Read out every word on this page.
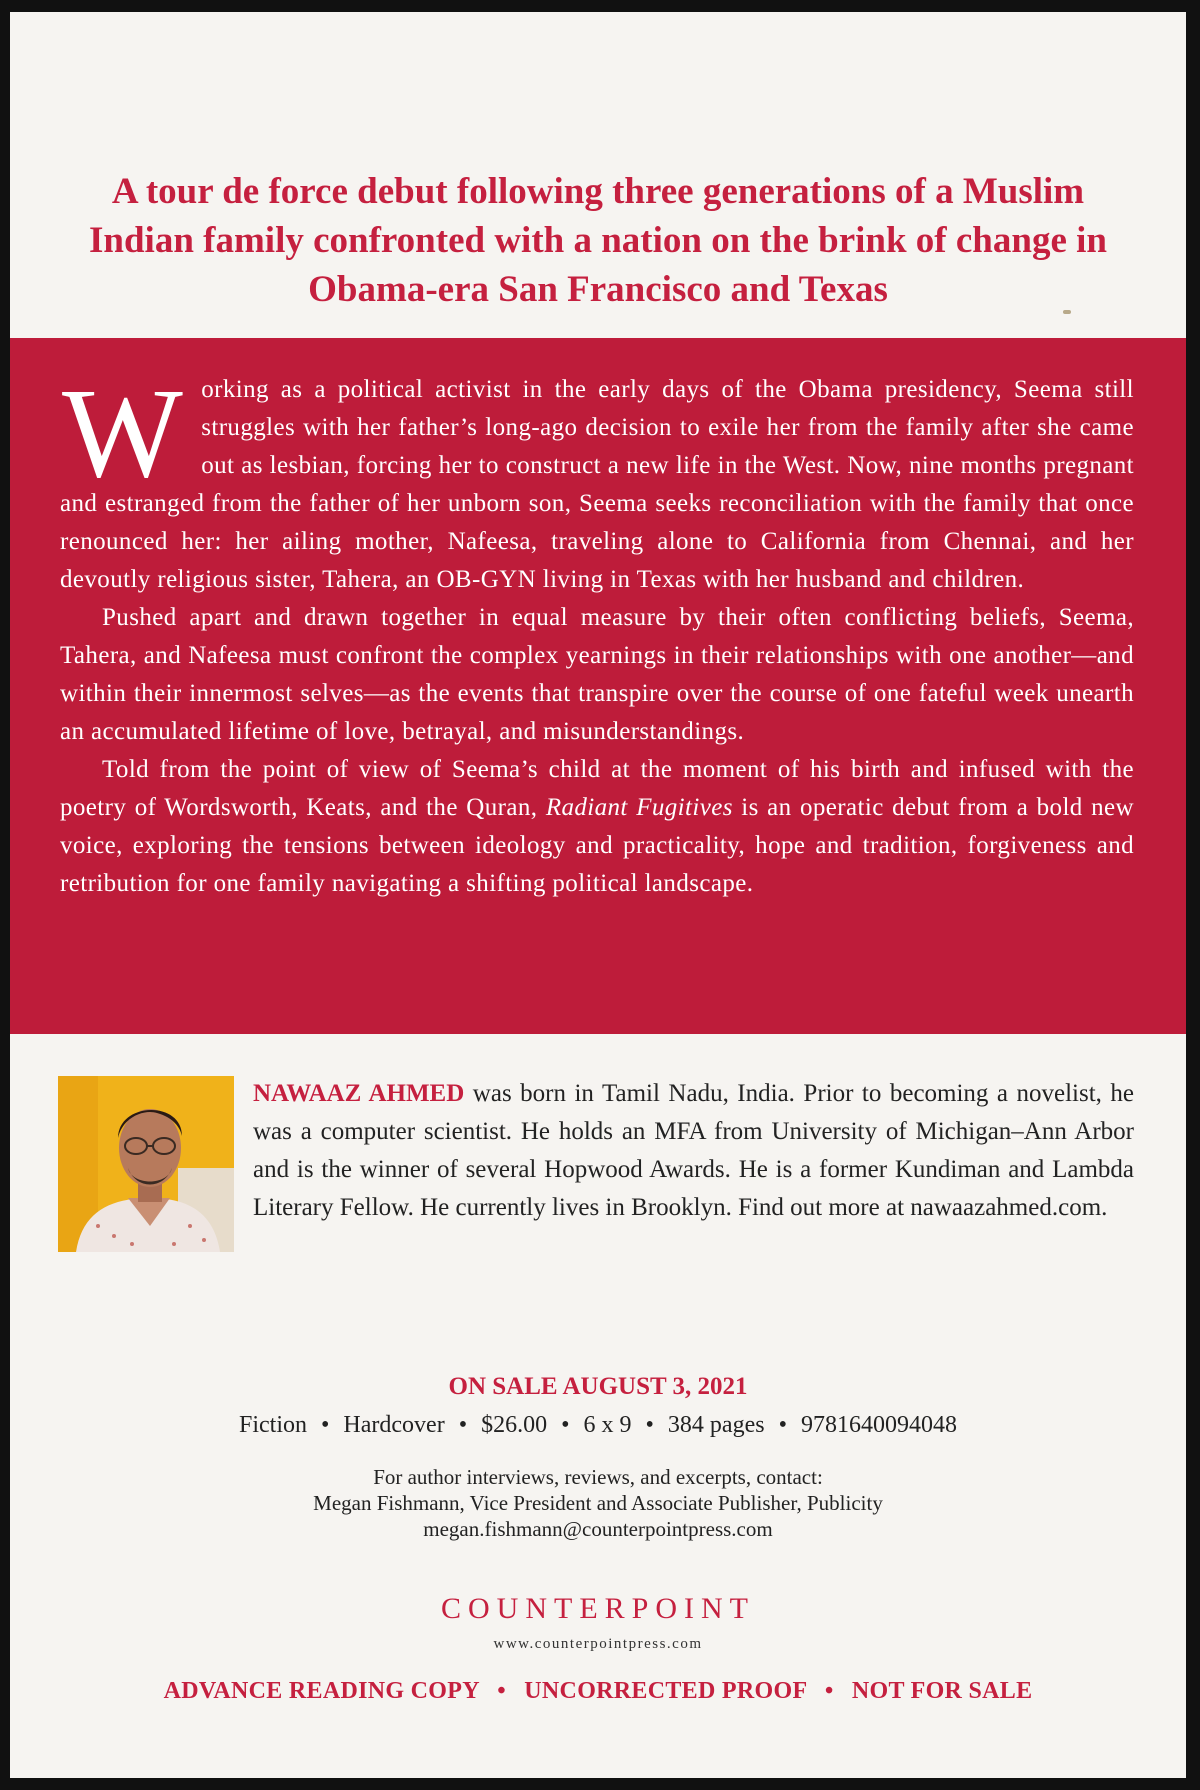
A tour de force debut following three generations of a Muslim Indian family confronted with a nation on the brink of change in Obama-era San Francisco and Texas

Working as a political activist in the early days of the Obama presidency, Seema still struggles with her father’s long-ago decision to exile her from the family after she came out as lesbian, forcing her to construct a new life in the West. Now, nine months pregnant and estranged from the father of her unborn son, Seema seeks reconciliation with the family that once renounced her: her ailing mother, Nafeesa, traveling alone to California from Chennai, and her devoutly religious sister, Tahera, an OB-GYN living in Texas with her husband and children.

Pushed apart and drawn together in equal measure by their often conflicting beliefs, Seema, Tahera, and Nafeesa must confront the complex yearnings in their relationships with one another—and within their innermost selves—as the events that transpire over the course of one fateful week unearth an accumulated lifetime of love, betrayal, and misunderstandings.

Told from the point of view of Seema’s child at the moment of his birth and infused with the poetry of Wordsworth, Keats, and the Quran, Radiant Fugitives is an operatic debut from a bold new voice, exploring the tensions between ideology and practicality, hope and tradition, forgiveness and retribution for one family navigating a shifting political landscape.

NAWAAZ AHMED was born in Tamil Nadu, India. Prior to becoming a novelist, he was a computer scientist. He holds an MFA from University of Michigan–Ann Arbor and is the winner of several Hopwood Awards. He is a former Kundiman and Lambda Literary Fellow. He currently lives in Brooklyn. Find out more at nawaazahmed.com.
ON SALE AUGUST 3, 2021
Fiction • Hardcover • $26.00 • 6 x 9 • 384 pages • 9781640094048
For author interviews, reviews, and excerpts, contact:
Megan Fishmann, Vice President and Associate Publisher, Publicity
megan.fishmann@counterpointpress.com
COUNTERPOINT
www.counterpointpress.com
ADVANCE READING COPY • UNCORRECTED PROOF • NOT FOR SALE
